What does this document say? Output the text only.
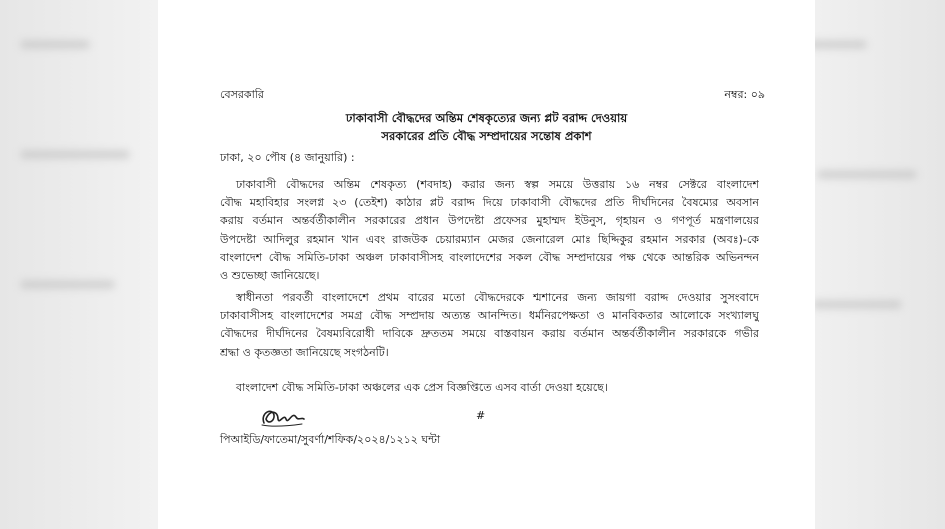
বেসরকারি	নম্বর: ০৯
ঢাকাবাসী বৌদ্ধদের অন্তিম শেষকৃত্যের জন্য প্লট বরাদ্দ দেওয়ায়
সরকারের প্রতি বৌদ্ধ সম্প্রদায়ের সন্তোষ প্রকাশ
ঢাকা, ২০ পৌষ (৪ জানুয়ারি) :
ঢাকাবাসী বৌদ্ধদের অন্তিম শেষকৃত্য (শবদাহ) করার জন্য স্বল্প সময়ে উত্তরায় ১৬ নম্বর সেক্টরে বাংলাদেশ
বৌদ্ধ মহাবিহার সংলগ্ন ২৩ (তেইশ) কাঠার প্লট বরাদ্দ দিয়ে ঢাকাবাসী বৌদ্ধদের প্রতি দীর্ঘদিনের বৈষম্যের অবসান
করায় বর্তমান অন্তর্বর্তীকালীন সরকারের প্রধান উপদেষ্টা প্রফেসর মুহাম্মদ ইউনুস, গৃহায়ন ও গণপূর্ত মন্ত্রণালয়ের
উপদেষ্টা আদিলুর রহমান খান এবং রাজউক চেয়ারম্যান মেজর জেনারেল মোঃ ছিদ্দিকুর রহমান সরকার (অবঃ)-কে
বাংলাদেশ বৌদ্ধ সমিতি-ঢাকা অঞ্চল ঢাকাবাসীসহ বাংলাদেশের সকল বৌদ্ধ সম্প্রদায়ের পক্ষ থেকে আন্তরিক অভিনন্দন
ও শুভেচ্ছা জানিয়েছে।
স্বাধীনতা পরবর্তী বাংলাদেশে প্রথম বারের মতো বৌদ্ধদেরকে শ্মশানের জন্য জায়গা বরাদ্দ দেওয়ার সুসংবাদে
ঢাকাবাসীসহ বাংলাদেশের সমগ্র বৌদ্ধ সম্প্রদায় অত্যন্ত আনন্দিত। ধর্মনিরপেক্ষতা ও মানবিকতার আলোকে সংখ্যালঘু
বৌদ্ধদের দীর্ঘদিনের বৈষম্যবিরোধী দাবিকে দ্রুততম সময়ে বাস্তবায়ন করায় বর্তমান অন্তর্বর্তীকালীন সরকারকে গভীর
শ্রদ্ধা ও কৃতজ্ঞতা জানিয়েছে সংগঠনটি।
বাংলাদেশ বৌদ্ধ সমিতি-ঢাকা অঞ্চলের এক প্রেস বিজ্ঞপ্তিতে এসব বার্তা দেওয়া হয়েছে।
#
পিআইডি/ফাতেমা/সুবর্ণা/শফিক/২০২৪/১২১২ ঘন্টা
